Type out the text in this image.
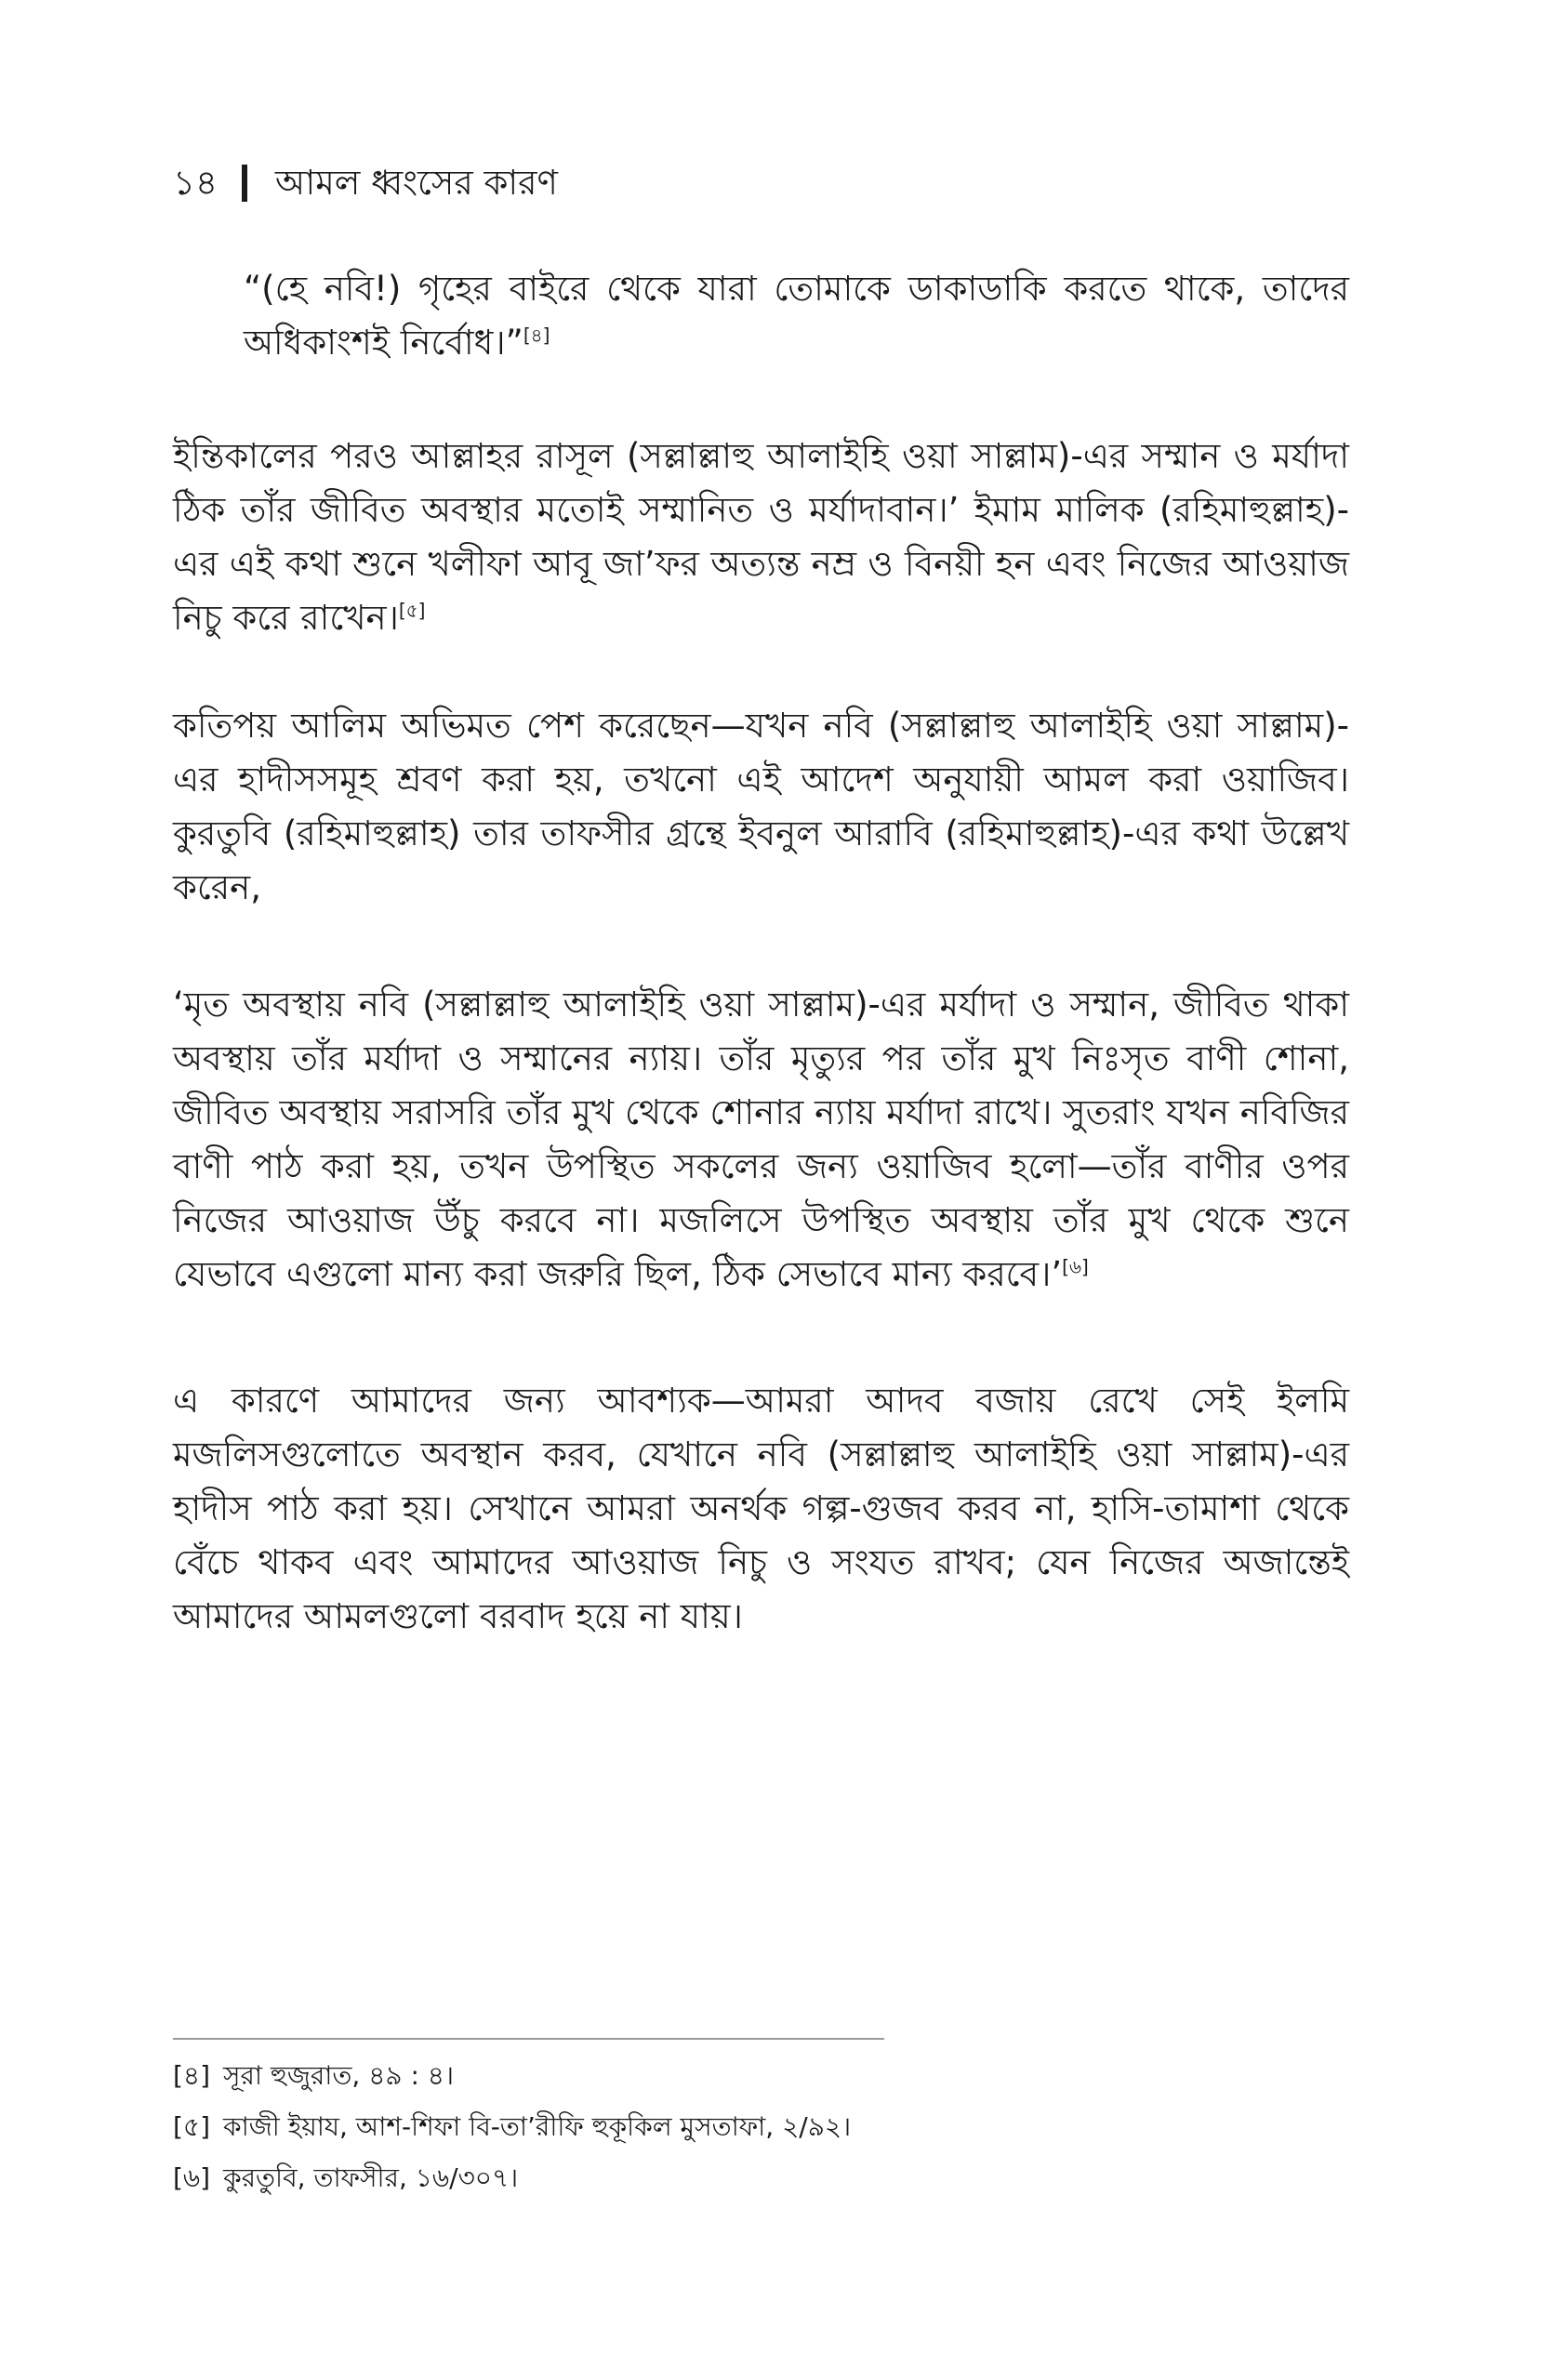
১৪ আমল ধ্বংসের কারণ

“(হে নবি!) গৃহের বাইরে থেকে যারা তোমাকে ডাকাডাকি করতে থাকে, তাদের অধিকাংশই নির্বোধ।”[৪]

ইন্তিকালের পরও আল্লাহর রাসূল (সল্লাল্লাহু আলাইহি ওয়া সাল্লাম)-এর সম্মান ও মর্যাদা ঠিক তাঁর জীবিত অবস্থার মতোই সম্মানিত ও মর্যাদাবান।’ ইমাম মালিক (রহিমাহুল্লাহ)-এর এই কথা শুনে খলীফা আবূ জা’ফর অত্যন্ত নম্র ও বিনয়ী হন এবং নিজের আওয়াজ নিচু করে রাখেন।[৫]

কতিপয় আলিম অভিমত পেশ করেছেন—যখন নবি (সল্লাল্লাহু আলাইহি ওয়া সাল্লাম)-এর হাদীসসমূহ শ্রবণ করা হয়, তখনো এই আদেশ অনুযায়ী আমল করা ওয়াজিব। কুরতুবি (রহিমাহুল্লাহ) তার তাফসীর গ্রন্থে ইবনুল আরাবি (রহিমাহুল্লাহ)-এর কথা উল্লেখ করেন,

‘মৃত অবস্থায় নবি (সল্লাল্লাহু আলাইহি ওয়া সাল্লাম)-এর মর্যাদা ও সম্মান, জীবিত থাকা অবস্থায় তাঁর মর্যাদা ও সম্মানের ন্যায়। তাঁর মৃত্যুর পর তাঁর মুখ নিঃসৃত বাণী শোনা, জীবিত অবস্থায় সরাসরি তাঁর মুখ থেকে শোনার ন্যায় মর্যাদা রাখে। সুতরাং যখন নবিজির বাণী পাঠ করা হয়, তখন উপস্থিত সকলের জন্য ওয়াজিব হলো—তাঁর বাণীর ওপর নিজের আওয়াজ উঁচু করবে না। মজলিসে উপস্থিত অবস্থায় তাঁর মুখ থেকে শুনে যেভাবে এগুলো মান্য করা জরুরি ছিল, ঠিক সেভাবে মান্য করবে।’[৬]

এ কারণে আমাদের জন্য আবশ্যক—আমরা আদব বজায় রেখে সেই ইলমি মজলিসগুলোতে অবস্থান করব, যেখানে নবি (সল্লাল্লাহু আলাইহি ওয়া সাল্লাম)-এর হাদীস পাঠ করা হয়। সেখানে আমরা অনর্থক গল্প-গুজব করব না, হাসি-তামাশা থেকে বেঁচে থাকব এবং আমাদের আওয়াজ নিচু ও সংযত রাখব; যেন নিজের অজান্তেই আমাদের আমলগুলো বরবাদ হয়ে না যায়।

[৪] সূরা হুজুরাত, ৪৯ : ৪।
[৫] কাজী ইয়ায, আশ-শিফা বি-তা’রীফি হুকূকিল মুসতাফা, ২/৯২।
[৬] কুরতুবি, তাফসীর, ১৬/৩০৭।
